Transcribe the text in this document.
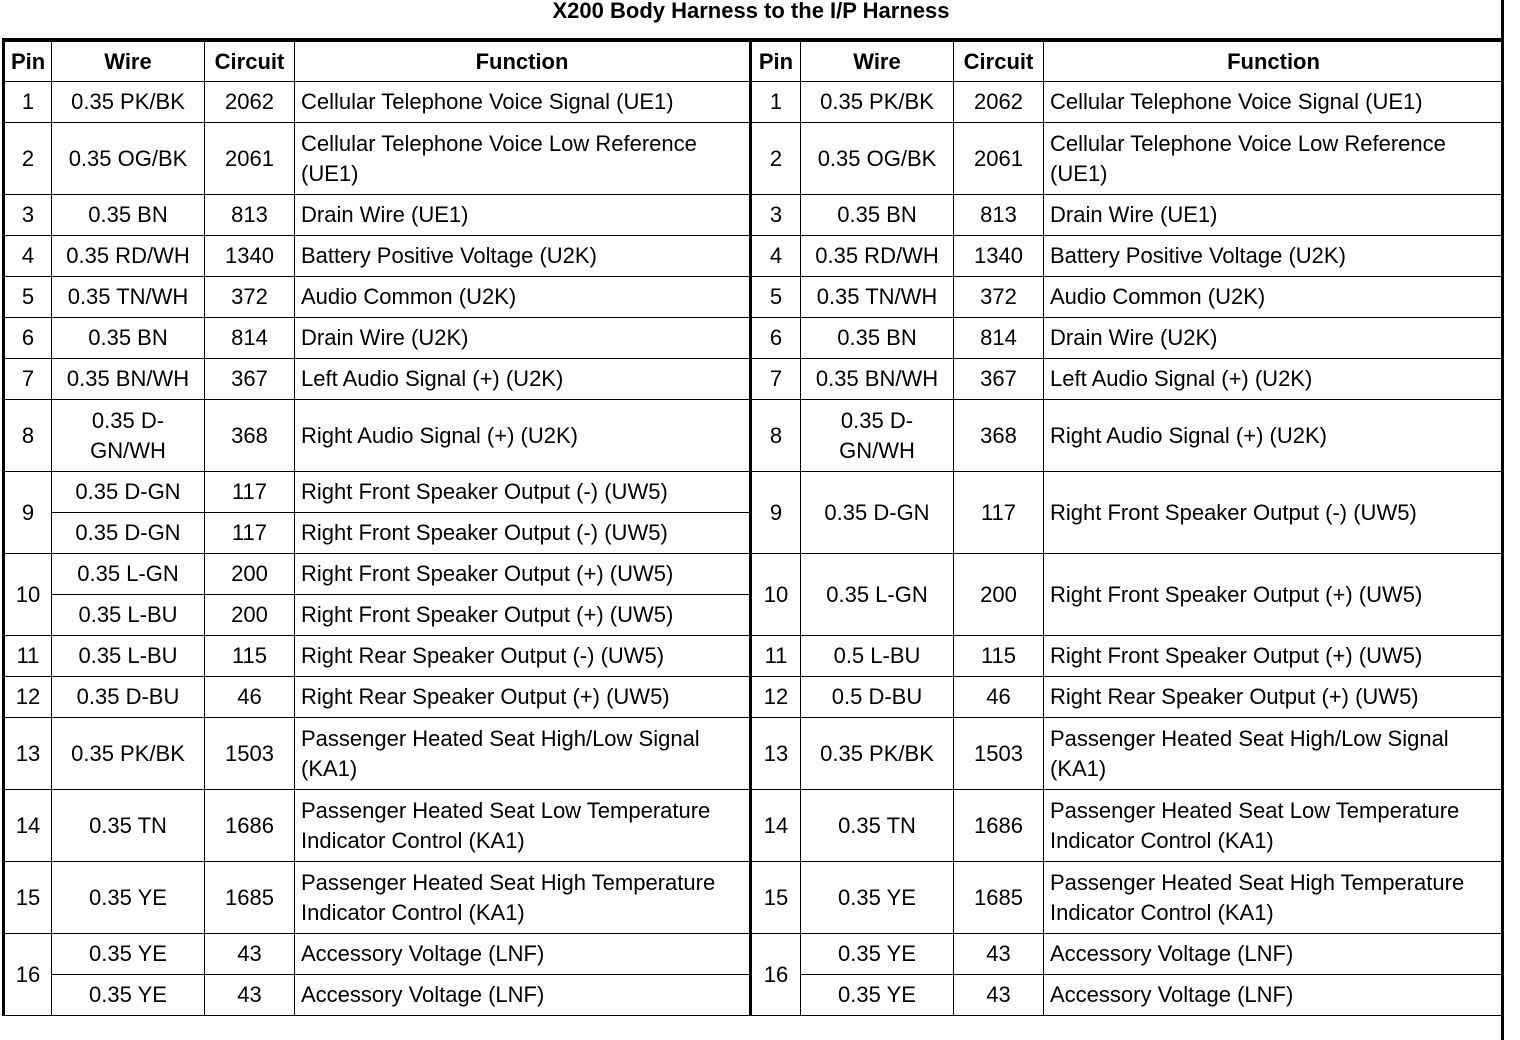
X200 Body Harness to the I/P Harness
Pin	Wire	Circuit	Function	Pin	Wire	Circuit	Function
1	0.35 PK/BK	2062	Cellular Telephone Voice Signal (UE1)	1	0.35 PK/BK	2062	Cellular Telephone Voice Signal (UE1)
2	0.35 OG/BK	2061	Cellular Telephone Voice Low Reference (UE1)	2	0.35 OG/BK	2061	Cellular Telephone Voice Low Reference (UE1)
3	0.35 BN	813	Drain Wire (UE1)	3	0.35 BN	813	Drain Wire (UE1)
4	0.35 RD/WH	1340	Battery Positive Voltage (U2K)	4	0.35 RD/WH	1340	Battery Positive Voltage (U2K)
5	0.35 TN/WH	372	Audio Common (U2K)	5	0.35 TN/WH	372	Audio Common (U2K)
6	0.35 BN	814	Drain Wire (U2K)	6	0.35 BN	814	Drain Wire (U2K)
7	0.35 BN/WH	367	Left Audio Signal (+) (U2K)	7	0.35 BN/WH	367	Left Audio Signal (+) (U2K)
8	0.35 D-GN/WH	368	Right Audio Signal (+) (U2K)	8	0.35 D-GN/WH	368	Right Audio Signal (+) (U2K)
9	0.35 D-GN	117	Right Front Speaker Output (-) (UW5)	9	0.35 D-GN	117	Right Front Speaker Output (-) (UW5)
	0.35 D-GN	117	Right Front Speaker Output (-) (UW5)				
10	0.35 L-GN	200	Right Front Speaker Output (+) (UW5)	10	0.35 L-GN	200	Right Front Speaker Output (+) (UW5)
	0.35 L-BU	200	Right Front Speaker Output (+) (UW5)				
11	0.35 L-BU	115	Right Rear Speaker Output (-) (UW5)	11	0.5 L-BU	115	Right Front Speaker Output (+) (UW5)
12	0.35 D-BU	46	Right Rear Speaker Output (+) (UW5)	12	0.5 D-BU	46	Right Rear Speaker Output (+) (UW5)
13	0.35 PK/BK	1503	Passenger Heated Seat High/Low Signal (KA1)	13	0.35 PK/BK	1503	Passenger Heated Seat High/Low Signal (KA1)
14	0.35 TN	1686	Passenger Heated Seat Low Temperature Indicator Control (KA1)	14	0.35 TN	1686	Passenger Heated Seat Low Temperature Indicator Control (KA1)
15	0.35 YE	1685	Passenger Heated Seat High Temperature Indicator Control (KA1)	15	0.35 YE	1685	Passenger Heated Seat High Temperature Indicator Control (KA1)
16	0.35 YE	43	Accessory Voltage (LNF)	16	0.35 YE	43	Accessory Voltage (LNF)
	0.35 YE	43	Accessory Voltage (LNF)		0.35 YE	43	Accessory Voltage (LNF)
